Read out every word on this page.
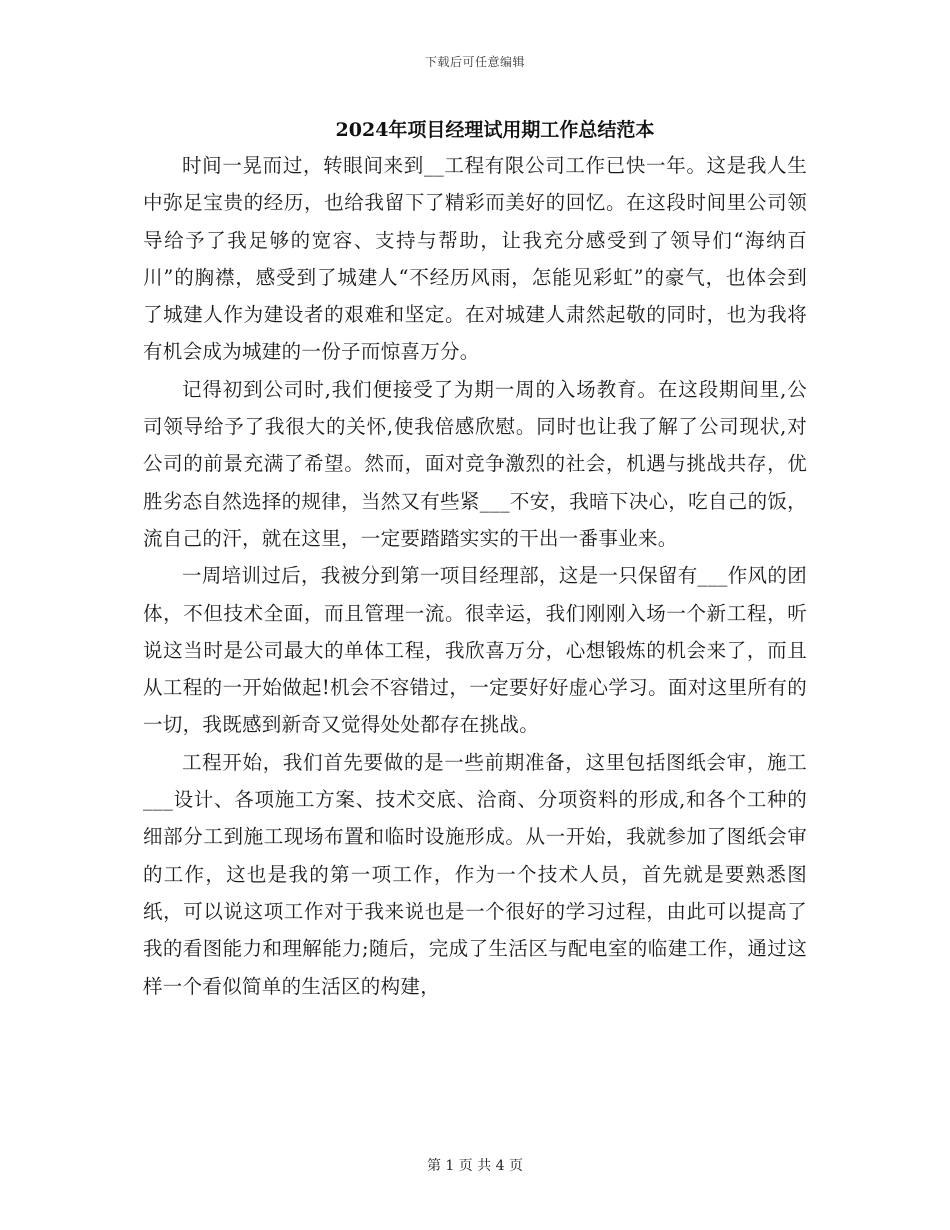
下载后可任意编辑
2024年项目经理试用期工作总结范本

时间一晃而过，转眼间来到__工程有限公司工作已快一年。这是我人生中弥足宝贵的经历，也给我留下了精彩而美好的回忆。在这段时间里公司领导给予了我足够的宽容、支持与帮助，让我充分感受到了领导们“海纳百川”的胸襟，感受到了城建人“不经历风雨，怎能见彩虹”的豪气，也体会到了城建人作为建设者的艰难和坚定。在对城建人肃然起敬的同时，也为我将有机会成为城建的一份子而惊喜万分。

记得初到公司时,我们便接受了为期一周的入场教育。在这段期间里,公司领导给予了我很大的关怀,使我倍感欣慰。同时也让我了解了公司现状,对公司的前景充满了希望。然而，面对竞争激烈的社会，机遇与挑战共存，优胜劣态自然选择的规律，当然又有些紧___不安，我暗下决心，吃自己的饭，流自己的汗，就在这里，一定要踏踏实实的干出一番事业来。

一周培训过后，我被分到第一项目经理部，这是一只保留有___作风的团体，不但技术全面，而且管理一流。很幸运，我们刚刚入场一个新工程，听说这当时是公司最大的单体工程，我欣喜万分，心想锻炼的机会来了，而且从工程的一开始做起!机会不容错过，一定要好好虚心学习。面对这里所有的一切，我既感到新奇又觉得处处都存在挑战。

工程开始，我们首先要做的是一些前期准备，这里包括图纸会审，施工___设计、各项施工方案、技术交底、洽商、分项资料的形成,和各个工种的细部分工到施工现场布置和临时设施形成。从一开始，我就参加了图纸会审的工作，这也是我的第一项工作，作为一个技术人员，首先就是要熟悉图纸，可以说这项工作对于我来说也是一个很好的学习过程，由此可以提高了我的看图能力和理解能力;随后，完成了生活区与配电室的临建工作，通过这样一个看似简单的生活区的构建，

第 1 页 共 4 页
